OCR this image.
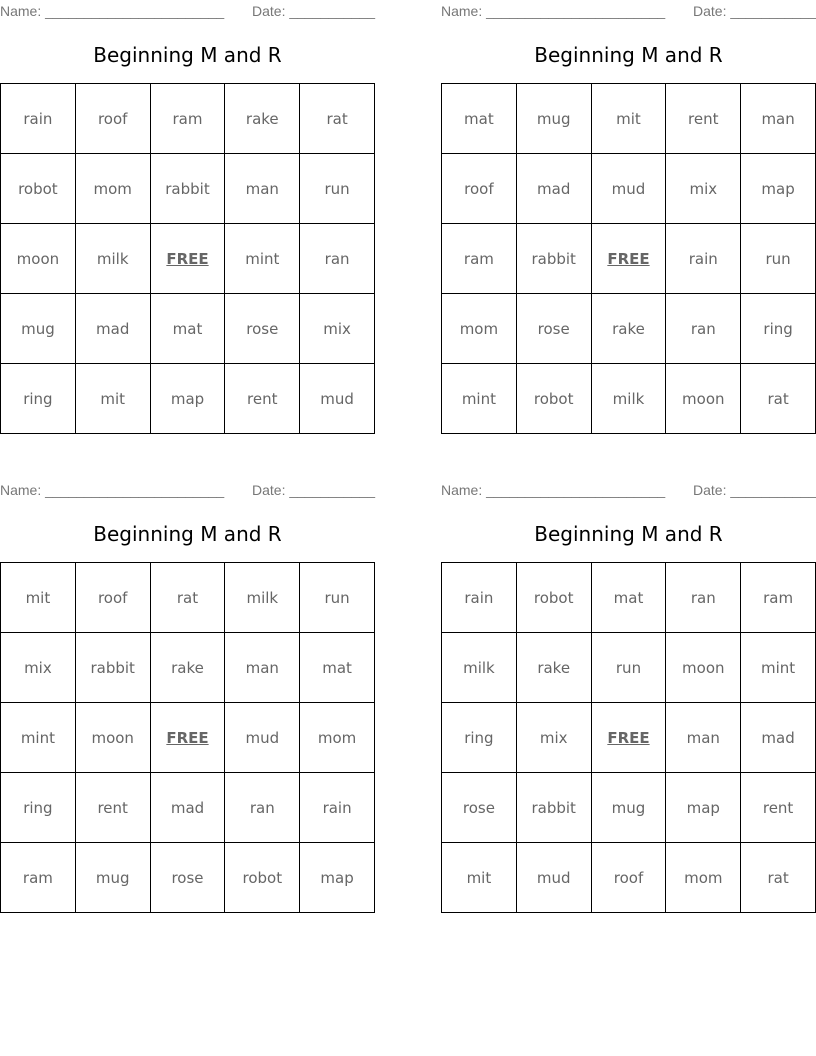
Name: _______________________ Date: ___________
Beginning M and R
rain	roof	ram	rake	rat
robot	mom	rabbit	man	run
moon	milk	FREE	mint	ran
mug	mad	mat	rose	mix
ring	mit	map	rent	mud
Name: _______________________ Date: ___________
Beginning M and R
mat	mug	mit	rent	man
roof	mad	mud	mix	map
ram	rabbit	FREE	rain	run
mom	rose	rake	ran	ring
mint	robot	milk	moon	rat
Name: _______________________ Date: ___________
Beginning M and R
mit	roof	rat	milk	run
mix	rabbit	rake	man	mat
mint	moon	FREE	mud	mom
ring	rent	mad	ran	rain
ram	mug	rose	robot	map
Name: _______________________ Date: ___________
Beginning M and R
rain	robot	mat	ran	ram
milk	rake	run	moon	mint
ring	mix	FREE	man	mad
rose	rabbit	mug	map	rent
mit	mud	roof	mom	rat
